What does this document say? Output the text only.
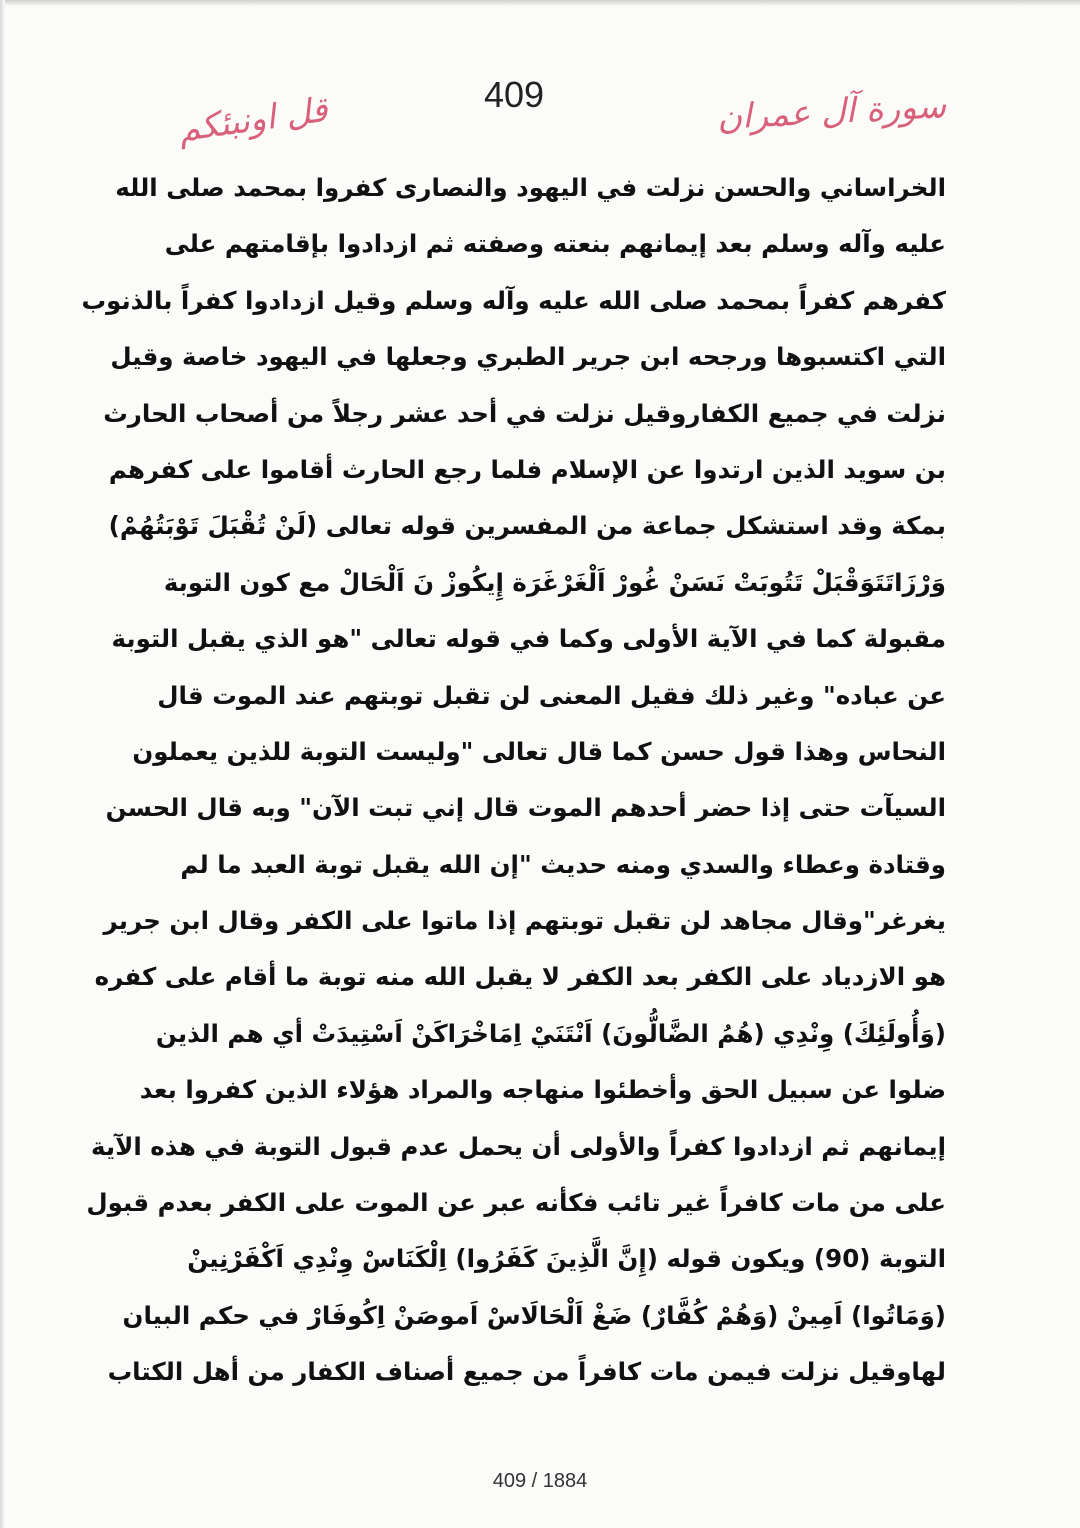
409
قل اونبئكم	سورة آل عمران
الخراساني والحسن نزلت في اليهود والنصارى كفروا بمحمد صلى الله
عليه وآله وسلم بعد إيمانهم بنعته وصفته ثم ازدادوا بإقامتهم على
كفرهم كفراً بمحمد صلى الله عليه وآله وسلم وقيل ازدادوا كفراً بالذنوب
التي اكتسبوها ورجحه ابن جرير الطبري وجعلها في اليهود خاصة وقيل
نزلت في جميع الكفاروقيل نزلت في أحد عشر رجلاً من أصحاب الحارث
بن سويد الذين ارتدوا عن الإسلام فلما رجع الحارث أقاموا على كفرهم
بمكة وقد استشكل جماعة من المفسرين قوله تعالى (لَنْ تُقْبَلَ تَوْبَتُهُمْ)
وَرْزَاتَتَوَقْبَلْ تَتُوبَتْ نَسَنْ غُورْ اَلْغَرْغَرَة إِيكُوزْ نَ اَلْحَالْ مع كون التوبة
مقبولة كما في الآية الأولى وكما في قوله تعالى "هو الذي يقبل التوبة
عن عباده" وغير ذلك فقيل المعنى لن تقبل توبتهم عند الموت قال
النحاس وهذا قول حسن كما قال تعالى "وليست التوبة للذين يعملون
السيآت حتى إذا حضر أحدهم الموت قال إني تبت الآن" وبه قال الحسن
وقتادة وعطاء والسدي ومنه حديث "إن الله يقبل توبة العبد ما لم
يغرغر"وقال مجاهد لن تقبل توبتهم إذا ماتوا على الكفر وقال ابن جرير
هو الازدياد على الكفر بعد الكفر لا يقبل الله منه توبة ما أقام على كفره
(وَأُولَئِكَ) وِنْدِي (هُمُ الضَّالُّونَ) اَنْتَنَيْ اِمَاخْرَاكَنْ اَسْتِيدَتْ أي هم الذين
ضلوا عن سبيل الحق وأخطئوا منهاجه والمراد هؤلاء الذين كفروا بعد
إيمانهم ثم ازدادوا كفراً والأولى أن يحمل عدم قبول التوبة في هذه الآية
على من مات كافراً غير تائب فكأنه عبر عن الموت على الكفر بعدم قبول
التوبة (90) ويكون قوله (إِنَّ الَّذِينَ كَفَرُوا) اِلْكَنَاسْ وِنْدِي اَكْفَرْنِينْ
(وَمَاتُوا) اَمِينْ (وَهُمْ كُفَّارٌ) ضَغْ اَلْحَالَاسْ اَموصَنْ اِكُوفَارْ في حكم البيان
لهاوقيل نزلت فيمن مات كافراً من جميع أصناف الكفار من أهل الكتاب
409 / 1884
